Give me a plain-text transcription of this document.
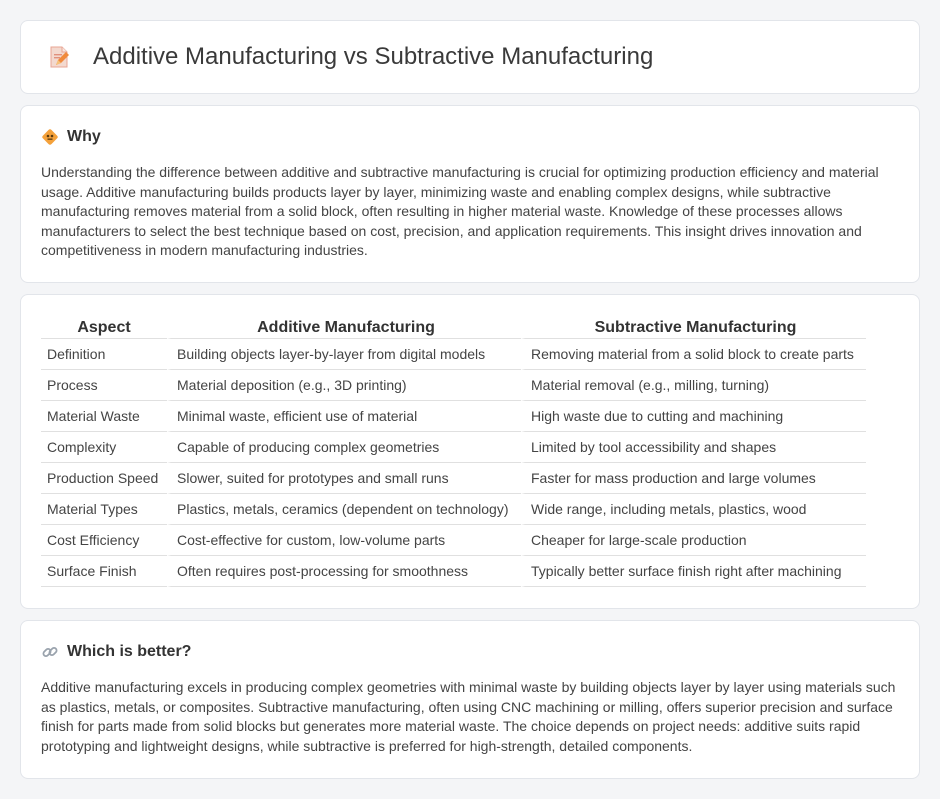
Additive Manufacturing vs Subtractive Manufacturing
Why

Understanding the difference between additive and subtractive manufacturing is crucial for optimizing production efficiency and material usage. Additive manufacturing builds products layer by layer, minimizing waste and enabling complex designs, while subtractive manufacturing removes material from a solid block, often resulting in higher material waste. Knowledge of these processes allows manufacturers to select the best technique based on cost, precision, and application requirements. This insight drives innovation and competitiveness in modern manufacturing industries.

Aspect	Additive Manufacturing	Subtractive Manufacturing
Definition	Building objects layer-by-layer from digital models	Removing material from a solid block to create parts
Process	Material deposition (e.g., 3D printing)	Material removal (e.g., milling, turning)
Material Waste	Minimal waste, efficient use of material	High waste due to cutting and machining
Complexity	Capable of producing complex geometries	Limited by tool accessibility and shapes
Production Speed	Slower, suited for prototypes and small runs	Faster for mass production and large volumes
Material Types	Plastics, metals, ceramics (dependent on technology)	Wide range, including metals, plastics, wood
Cost Efficiency	Cost-effective for custom, low-volume parts	Cheaper for large-scale production
Surface Finish	Often requires post-processing for smoothness	Typically better surface finish right after machining
Which is better?

Additive manufacturing excels in producing complex geometries with minimal waste by building objects layer by layer using materials such as plastics, metals, or composites. Subtractive manufacturing, often using CNC machining or milling, offers superior precision and surface finish for parts made from solid blocks but generates more material waste. The choice depends on project needs: additive suits rapid prototyping and lightweight designs, while subtractive is preferred for high-strength, detailed components.
